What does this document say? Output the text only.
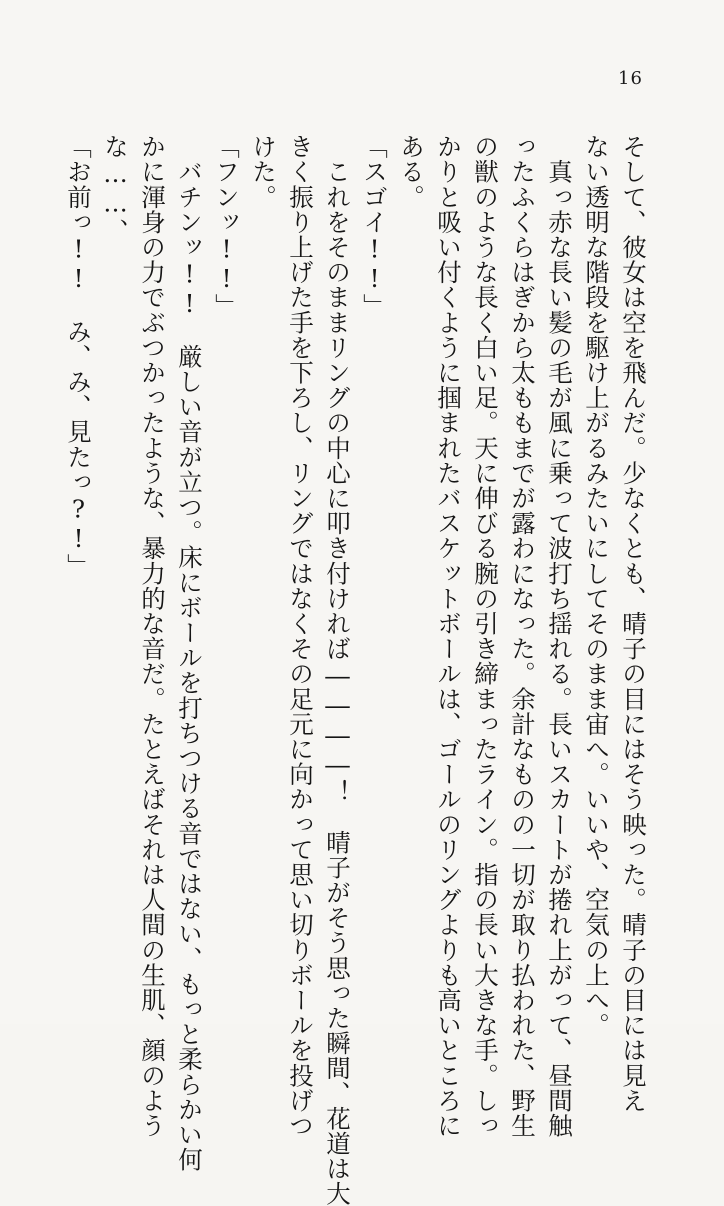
16
そして、彼女は空を飛んだ。少なくとも、晴子の目にはそう映った。晴子の目には見え
ない透明な階段を駆け上がるみたいにしてそのまま宙へ。いいや、空気の上へ。
　真っ赤な長い髪の毛が風に乗って波打ち揺れる。長いスカートが捲れ上がって、昼間触
ったふくらはぎから太ももまでが露わになった。余計なものの一切が取り払われた、野生
の獣のような長く白い足。天に伸びる腕の引き締まったライン。指の長い大きな手。しっ
かりと吸い付くように掴まれたバスケットボールは、ゴールのリングよりも高いところに
ある。
「スゴイ!!」
　これをそのままリングの中心に叩き付ければ――――！　晴子がそう思った瞬間、花道は大
きく振り上げた手を下ろし、リングではなくその足元に向かって思い切りボールを投げつ
けた。
「フンッ!!」
　バチンッ!!　厳しい音が立つ。床にボールを打ちつける音ではない、もっと柔らかい何
かに渾身の力でぶつかったような、暴力的な音だ。たとえばそれは人間の生肌、顔のよう
な……、
「お前っ!!　み、み、見たっ?!」
